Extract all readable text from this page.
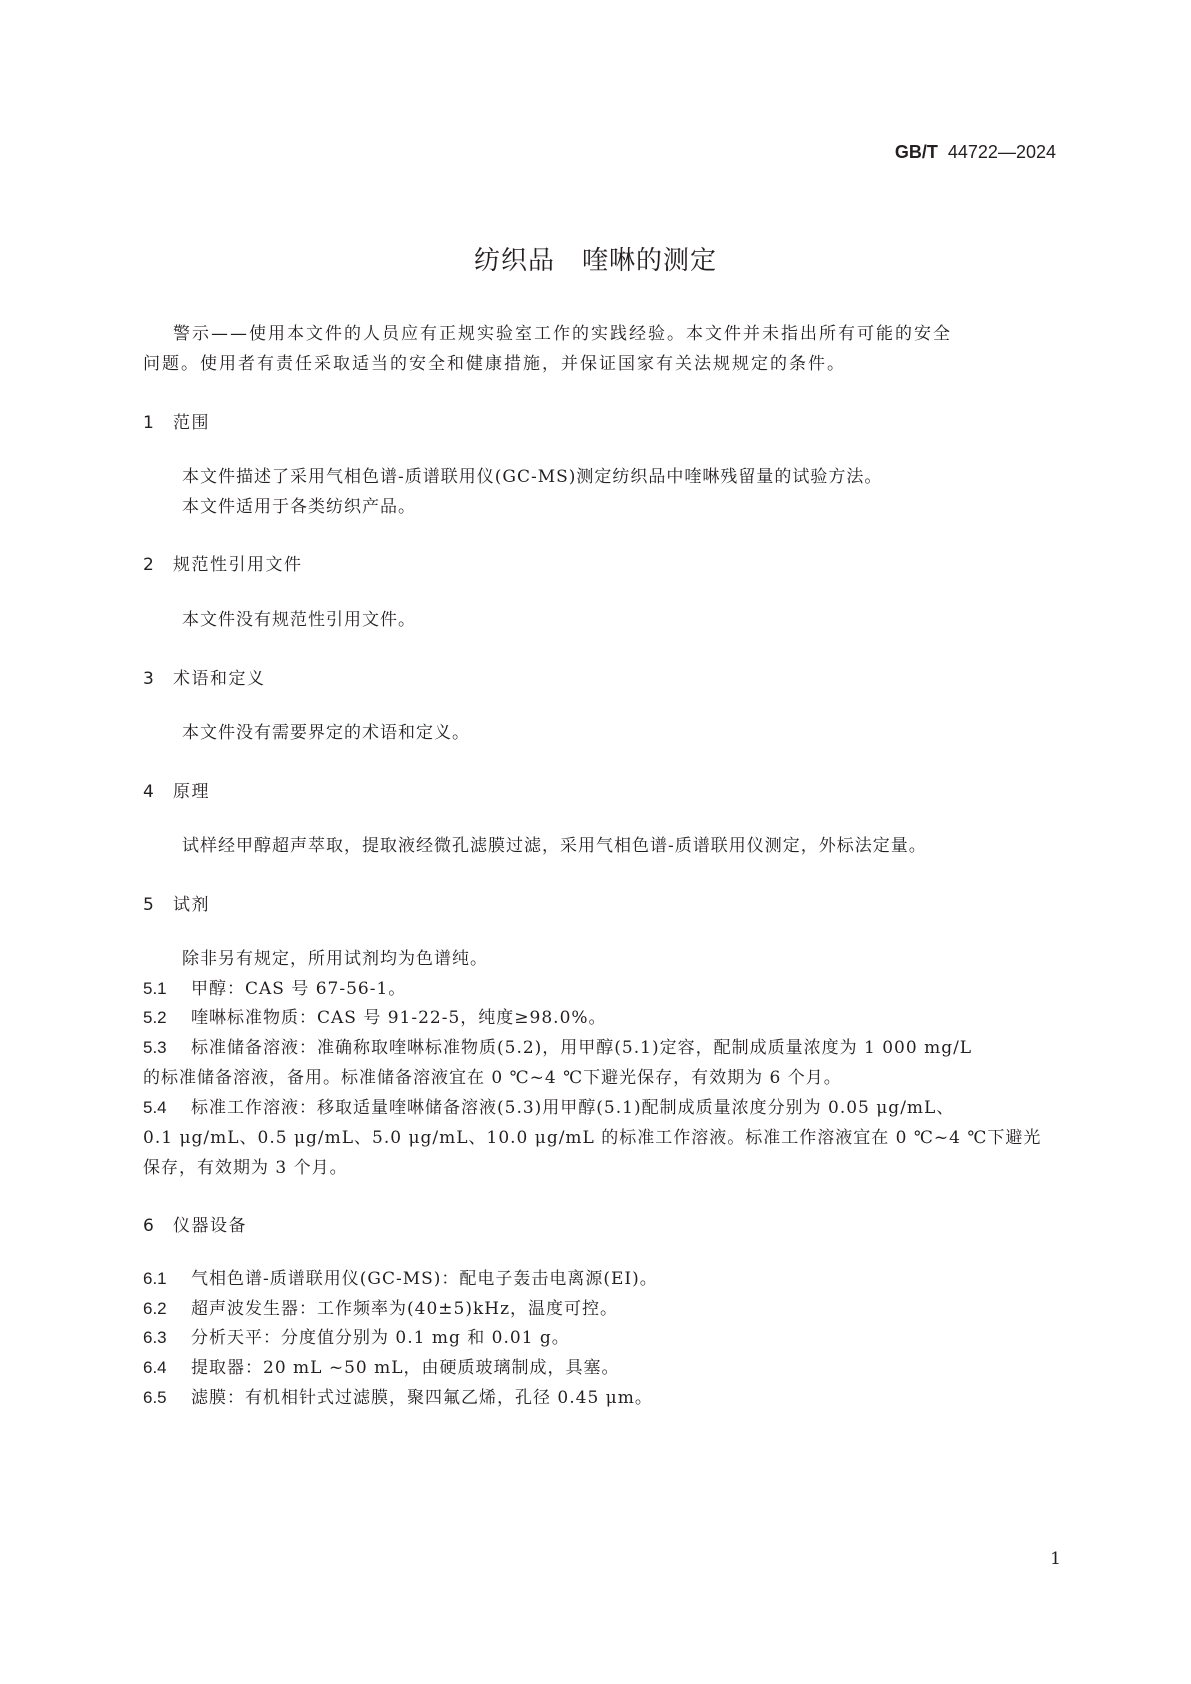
GB/T 44722—2024
纺织品　喹啉的测定
警示——使用本文件的人员应有正规实验室工作的实践经验。本文件并未指出所有可能的安全
问题。使用者有责任采取适当的安全和健康措施，并保证国家有关法规规定的条件。
1 范围
本文件描述了采用气相色谱-质谱联用仪(GC-MS)测定纺织品中喹啉残留量的试验方法。
本文件适用于各类纺织产品。
2 规范性引用文件
本文件没有规范性引用文件。
3 术语和定义
本文件没有需要界定的术语和定义。
4 原理
试样经甲醇超声萃取，提取液经微孔滤膜过滤，采用气相色谱-质谱联用仪测定，外标法定量。
5 试剂
除非另有规定，所用试剂均为色谱纯。
5.1 甲醇：CAS 号 67-56-1。
5.2 喹啉标准物质：CAS 号 91-22-5，纯度≥98.0%。
5.3 标准储备溶液：准确称取喹啉标准物质(5.2)，用甲醇(5.1)定容，配制成质量浓度为 1 000 mg/L
的标准储备溶液，备用。标准储备溶液宜在 0 ℃~4 ℃下避光保存，有效期为 6 个月。
5.4 标准工作溶液：移取适量喹啉储备溶液(5.3)用甲醇(5.1)配制成质量浓度分别为 0.05 μg/mL、
0.1 μg/mL、0.5 μg/mL、5.0 μg/mL、10.0 μg/mL 的标准工作溶液。标准工作溶液宜在 0 ℃~4 ℃下避光
保存，有效期为 3 个月。
6 仪器设备
6.1 气相色谱-质谱联用仪(GC-MS)：配电子轰击电离源(EI)。
6.2 超声波发生器：工作频率为(40±5)kHz，温度可控。
6.3 分析天平：分度值分别为 0.1 mg 和 0.01 g。
6.4 提取器：20 mL ~50 mL，由硬质玻璃制成，具塞。
6.5 滤膜：有机相针式过滤膜，聚四氟乙烯，孔径 0.45 μm。
1
